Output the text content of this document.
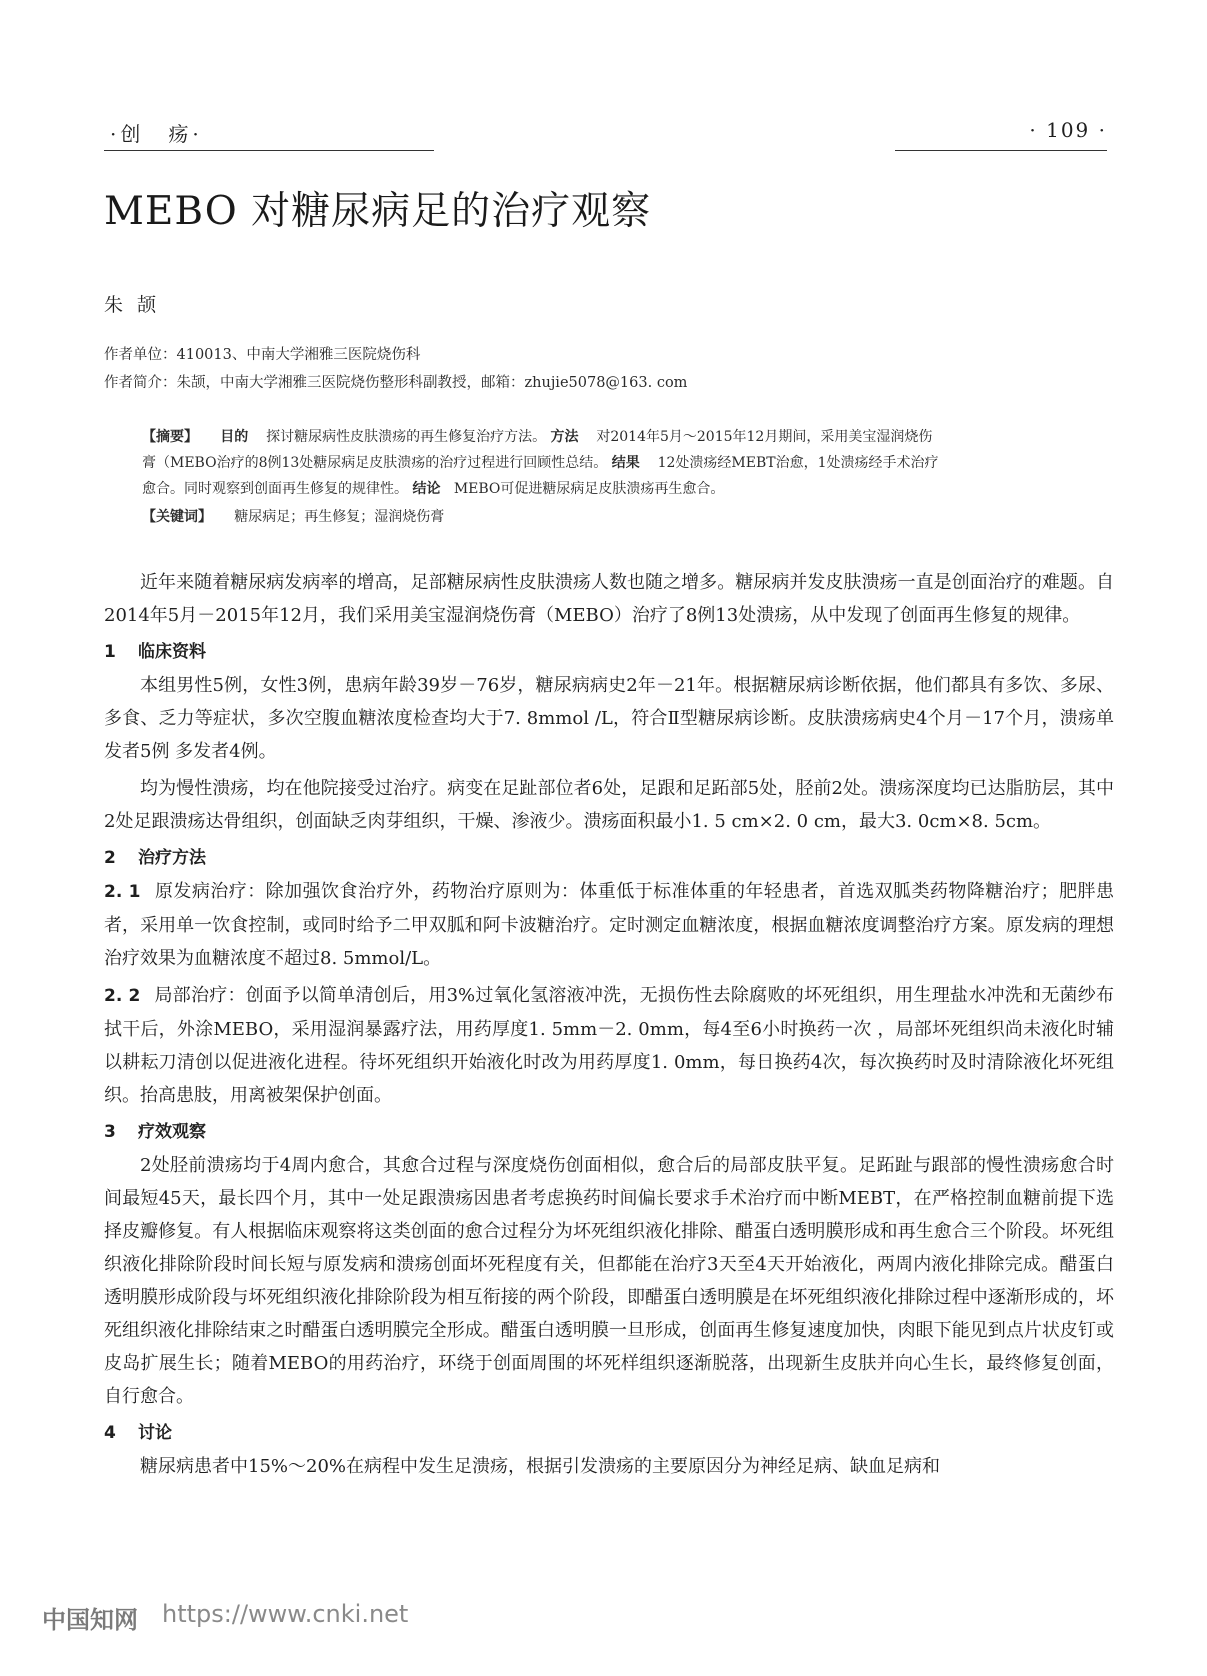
·创　疡·	· 109 ·
MEBO 对糖尿病足的治疗观察
朱颉
作者单位：410013、中南大学湘雅三医院烧伤科
作者简介：朱颉，中南大学湘雅三医院烧伤整形科副教授，邮箱：zhujie5078@163. com
【摘要】 目的 探讨糖尿病性皮肤溃疡的再生修复治疗方法。 方法 对2014年5月～2015年12月期间，采用美宝湿润烧伤
膏（MEBO治疗的8例13处糖尿病足皮肤溃疡的治疗过程进行回顾性总结。 结果 12处溃疡经MEBT治愈，1处溃疡经手术治疗
愈合。同时观察到创面再生修复的规律性。 结论 MEBO可促进糖尿病足皮肤溃疡再生愈合。
【关键词】 糖尿病足；再生修复；湿润烧伤膏

近年来随着糖尿病发病率的增高，足部糖尿病性皮肤溃疡人数也随之增多。糖尿病并发皮肤溃疡一直是创面治疗的难题。自2014年5月－2015年12月，我们采用美宝湿润烧伤膏（MEBO）治疗了8例13处溃疡，从中发现了创面再生修复的规律。

1 临床资料

本组男性5例，女性3例，患病年龄39岁－76岁，糖尿病病史2年－21年。根据糖尿病诊断依据，他们都具有多饮、多尿、多食、乏力等症状，多次空腹血糖浓度检查均大于7. 8mmol /L，符合Ⅱ型糖尿病诊断。皮肤溃疡病史4个月－17个月，溃疡单发者5例 多发者4例。

均为慢性溃疡，均在他院接受过治疗。病变在足趾部位者6处，足跟和足跖部5处，胫前2处。溃疡深度均已达脂肪层，其中2处足跟溃疡达骨组织，创面缺乏肉芽组织，干燥、渗液少。溃疡面积最小1. 5 cm×2. 0 cm，最大3. 0cm×8. 5cm。

2 治疗方法

2. 1 原发病治疗：除加强饮食治疗外，药物治疗原则为：体重低于标准体重的年轻患者，首选双胍类药物降糖治疗；肥胖患者，采用单一饮食控制，或同时给予二甲双胍和阿卡波糖治疗。定时测定血糖浓度，根据血糖浓度调整治疗方案。原发病的理想治疗效果为血糖浓度不超过8. 5mmol/L。

2. 2 局部治疗：创面予以简单清创后，用3%过氧化氢溶液冲洗，无损伤性去除腐败的坏死组织，用生理盐水冲洗和无菌纱布拭干后，外涂MEBO，采用湿润暴露疗法，用药厚度1. 5mm－2. 0mm，每4至6小时换药一次 ，局部坏死组织尚未液化时辅以耕耘刀清创以促进液化进程。待坏死组织开始液化时改为用药厚度1. 0mm，每日换药4次，每次换药时及时清除液化坏死组织。抬高患肢，用离被架保护创面。

3 疗效观察

2处胫前溃疡均于4周内愈合，其愈合过程与深度烧伤创面相似，愈合后的局部皮肤平复。足跖趾与跟部的慢性溃疡愈合时间最短45天，最长四个月，其中一处足跟溃疡因患者考虑换药时间偏长要求手术治疗而中断MEBT，在严格控制血糖前提下选择皮瓣修复。有人根据临床观察将这类创面的愈合过程分为坏死组织液化排除、醋蛋白透明膜形成和再生愈合三个阶段。坏死组织液化排除阶段时间长短与原发病和溃疡创面坏死程度有关，但都能在治疗3天至4天开始液化，两周内液化排除完成。醋蛋白透明膜形成阶段与坏死组织液化排除阶段为相互衔接的两个阶段，即醋蛋白透明膜是在坏死组织液化排除过程中逐渐形成的，坏死组织液化排除结束之时醋蛋白透明膜完全形成。醋蛋白透明膜一旦形成，创面再生修复速度加快，肉眼下能见到点片状皮钉或皮岛扩展生长；随着MEBO的用药治疗，环绕于创面周围的坏死样组织逐渐脱落，出现新生皮肤并向心生长，最终修复创面，自行愈合。

4 讨论

糖尿病患者中15%～20%在病程中发生足溃疡，根据引发溃疡的主要原因分为神经足病、缺血足病和

中国知网 https://www.cnki.net
